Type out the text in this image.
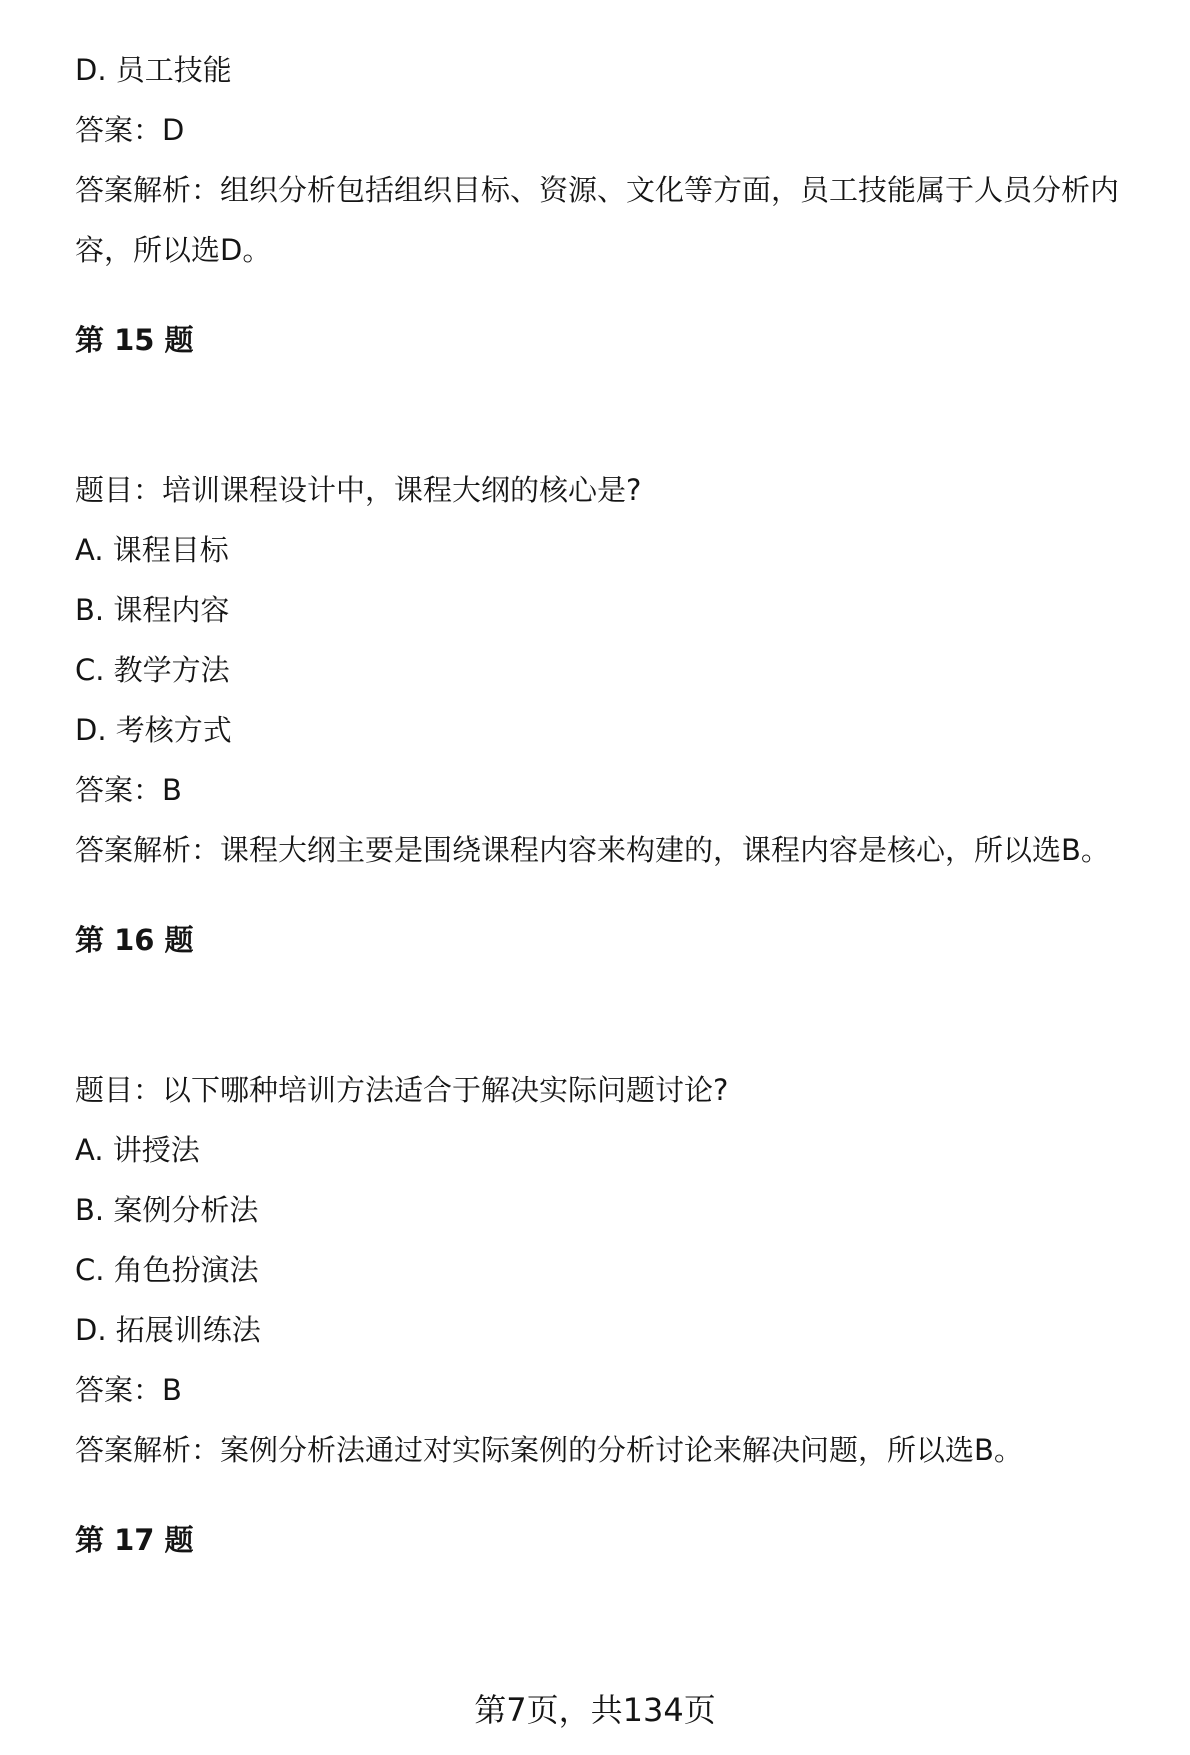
D. 员工技能
答案：D
答案解析：组织分析包括组织目标、资源、文化等方面，员工技能属于人员分析内
容，所以选D。
第 15 题
题目：培训课程设计中，课程大纲的核心是?
A. 课程目标
B. 课程内容
C. 教学方法
D. 考核方式
答案：B
答案解析：课程大纲主要是围绕课程内容来构建的，课程内容是核心，所以选B。
第 16 题
题目：以下哪种培训方法适合于解决实际问题讨论?
A. 讲授法
B. 案例分析法
C. 角色扮演法
D. 拓展训练法
答案：B
答案解析：案例分析法通过对实际案例的分析讨论来解决问题，所以选B。
第 17 题
第7页，共134页
